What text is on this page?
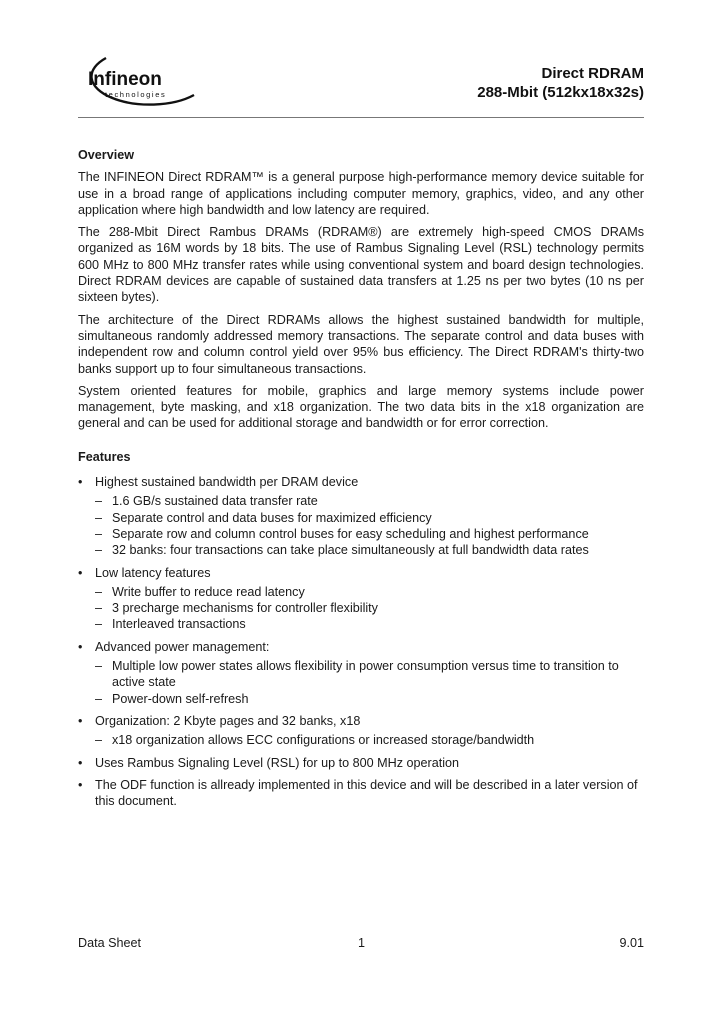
Infineon
technologies
Direct RDRAM
288-Mbit (512kx18x32s)
Overview

The INFINEON Direct RDRAM™ is a general purpose high-performance memory device suitable for use in a broad range of applications including computer memory, graphics, video, and any other application where high bandwidth and low latency are required.

The 288-Mbit Direct Rambus DRAMs (RDRAM®) are extremely high-speed CMOS DRAMs organized as 16M words by 18 bits. The use of Rambus Signaling Level (RSL) technology permits 600 MHz to 800 MHz transfer rates while using conventional system and board design technologies. Direct RDRAM devices are capable of sustained data transfers at 1.25 ns per two bytes (10 ns per sixteen bytes).

The architecture of the Direct RDRAMs allows the highest sustained bandwidth for multiple, simultaneous randomly addressed memory transactions. The separate control and data buses with independent row and column control yield over 95% bus efficiency. The Direct RDRAM's thirty-two banks support up to four simultaneous transactions.

System oriented features for mobile, graphics and large memory systems include power management, byte masking, and x18 organization. The two data bits in the x18 organization are general and can be used for additional storage and bandwidth or for error correction.

Features
• Highest sustained bandwidth per DRAM device
– 1.6 GB/s sustained data transfer rate
– Separate control and data buses for maximized efficiency
– Separate row and column control buses for easy scheduling and highest performance
– 32 banks: four transactions can take place simultaneously at full bandwidth data rates
• Low latency features
– Write buffer to reduce read latency
– 3 precharge mechanisms for controller flexibility
– Interleaved transactions
• Advanced power management:
– Multiple low power states allows flexibility in power consumption versus time to transition to active state
– Power-down self-refresh
• Organization: 2 Kbyte pages and 32 banks, x18
– x18 organization allows ECC configurations or increased storage/bandwidth
• Uses Rambus Signaling Level (RSL) for up to 800 MHz operation
• The ODF function is allready implemented in this device and will be described in a later version of this document.
Data Sheet	1	9.01
